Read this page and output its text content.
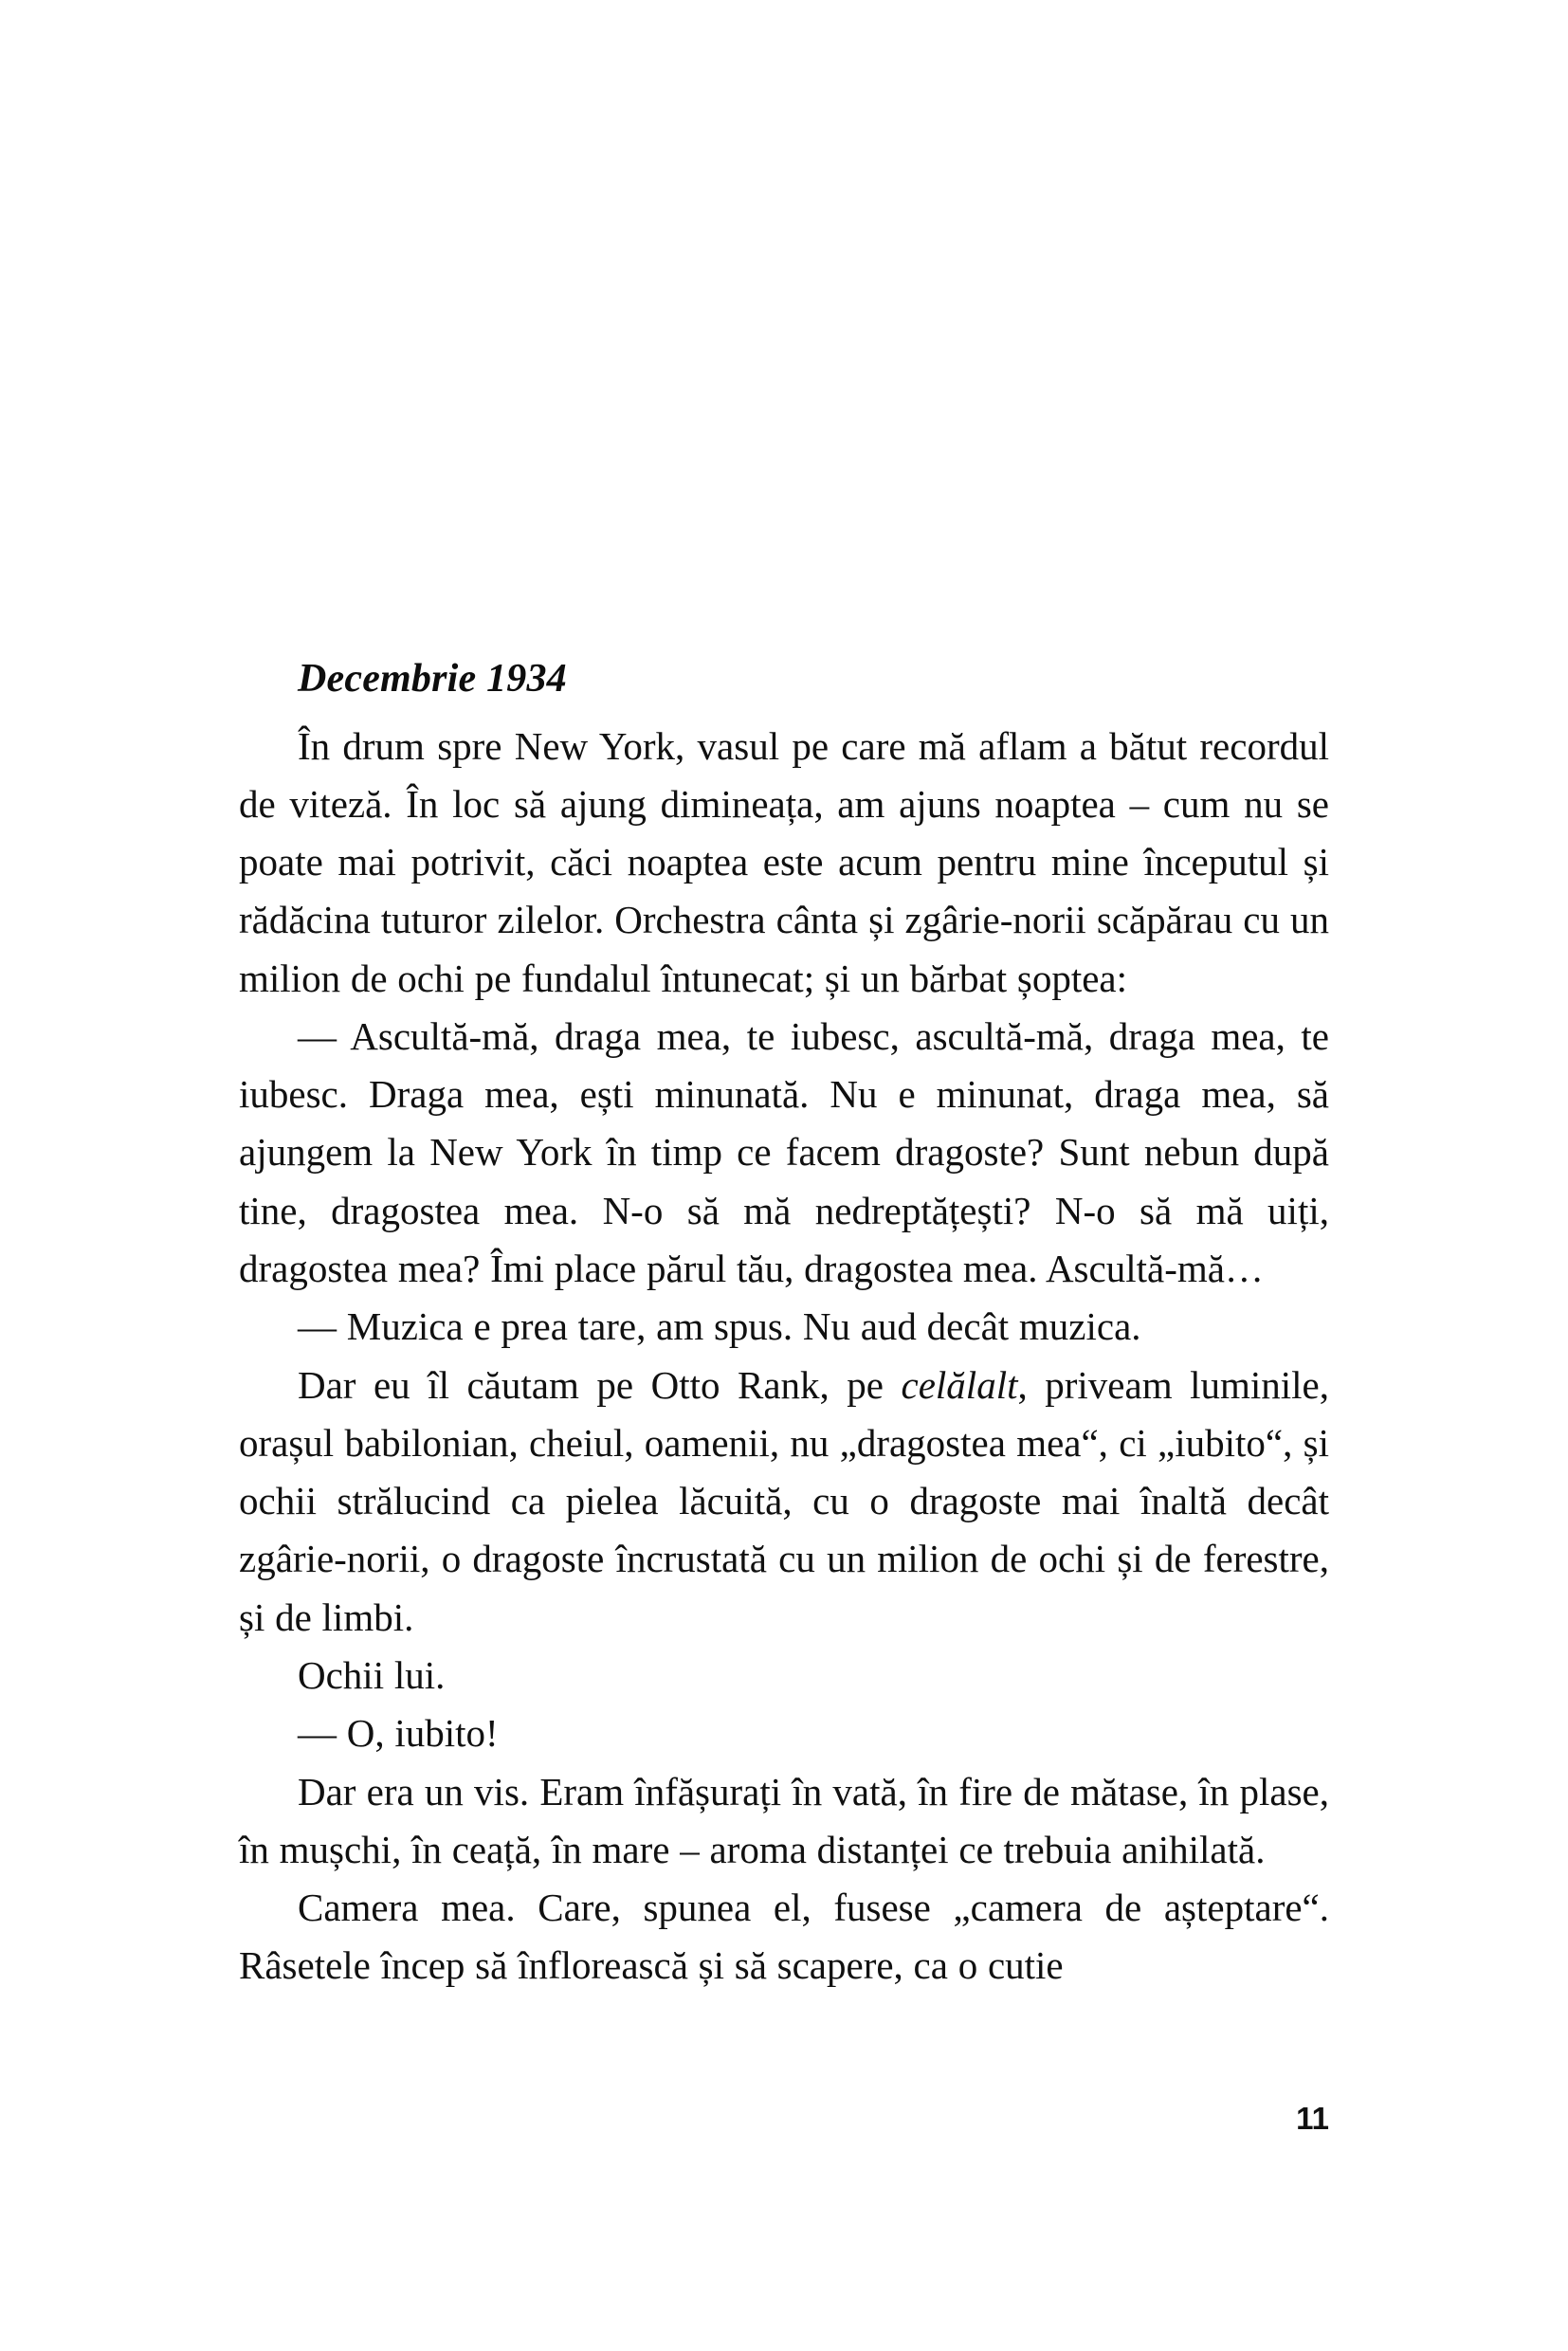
Decembrie 1934

În drum spre New York, vasul pe care mă aflam a bătut recordul de viteză. În loc să ajung dimineața, am ajuns noaptea – cum nu se poate mai potrivit, căci noaptea este acum pentru mine începutul și rădăcina tuturor zilelor. Orchestra cânta și zgârie-norii scăpărau cu un milion de ochi pe fundalul întunecat; și un bărbat șoptea:

— Ascultă-mă, draga mea, te iubesc, ascultă-mă, draga mea, te iubesc. Draga mea, ești minunată. Nu e minunat, draga mea, să ajungem la New York în timp ce facem dragoste? Sunt nebun după tine, dragostea mea. N-o să mă nedreptățești? N-o să mă uiți, dragostea mea? Îmi place părul tău, dragostea mea. Ascultă-mă…

— Muzica e prea tare, am spus. Nu aud decât muzica.

Dar eu îl căutam pe Otto Rank, pe celălalt, priveam luminile, orașul babilonian, cheiul, oamenii, nu „dragostea mea“, ci „iubito“, și ochii strălucind ca pielea lăcuită, cu o dragoste mai înaltă decât zgârie-norii, o dragoste încrustată cu un milion de ochi și de ferestre, și de limbi.

Ochii lui.

— O, iubito!

Dar era un vis. Eram înfășurați în vată, în fire de mătase, în plase, în mușchi, în ceață, în mare – aroma distanței ce trebuia anihilată.

Camera mea. Care, spunea el, fusese „camera de așteptare“. Râsetele încep să înflorească și să scapere, ca o cutie

11
